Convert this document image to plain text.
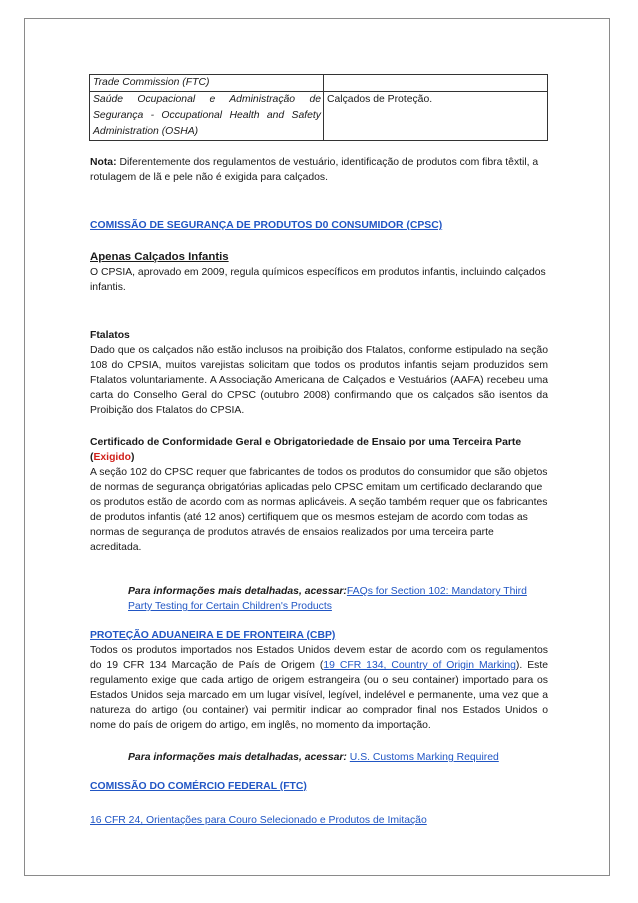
Trade Commission (FTC)	
Saúde Ocupacional e Administração de Segurança - Occupational Health and Safety Administration (OSHA)	Calçados de Proteção.

Nota: Diferentemente dos regulamentos de vestuário, identificação de produtos com fibra têxtil, a rotulagem de lã e pele não é exigida para calçados.

COMISSÃO DE SEGURANÇA DE PRODUTOS D0 CONSUMIDOR (CPSC)

Apenas Calçados Infantis

O CPSIA, aprovado em 2009, regula químicos específicos em produtos infantis, incluindo calçados infantis.

Ftalatos

Dado que os calçados não estão inclusos na proibição dos Ftalatos, conforme estipulado na seção 108 do CPSIA, muitos varejistas solicitam que todos os produtos infantis sejam produzidos sem Ftalatos voluntariamente. A Associação Americana de Calçados e Vestuários (AAFA) recebeu uma carta do Conselho Geral do CPSC (outubro 2008) confirmando que os calçados são isentos da Proibição dos Ftalatos do CPSIA.

Certificado de Conformidade Geral e Obrigatoriedade de Ensaio por uma Terceira Parte

(Exigido)

A seção 102 do CPSC requer que fabricantes de todos os produtos do consumidor que são objetos de normas de segurança obrigatórias aplicadas pelo CPSC emitam um certificado declarando que os produtos estão de acordo com as normas aplicáveis. A seção também requer que os fabricantes de produtos infantis (até 12 anos) certifiquem que os mesmos estejam de acordo com todas as normas de segurança de produtos através de ensaios realizados por uma terceira parte acreditada.

Para informações mais detalhadas, acessar:FAQs for Section 102: Mandatory Third Party Testing for Certain Children's Products

PROTEÇÃO ADUANEIRA E DE FRONTEIRA (CBP)

Todos os produtos importados nos Estados Unidos devem estar de acordo com os regulamentos do 19 CFR 134 Marcação de País de Origem (19 CFR 134, Country of Origin Marking). Este regulamento exige que cada artigo de origem estrangeira (ou o seu container) importado para os Estados Unidos seja marcado em um lugar visível, legível, indelével e permanente, uma vez que a natureza do artigo (ou container) vai permitir indicar ao comprador final nos Estados Unidos o nome do país de origem do artigo, em inglês, no momento da importação.

Para informações mais detalhadas, acessar: U.S. Customs Marking Required

COMISSÃO DO COMÉRCIO FEDERAL (FTC)

16 CFR 24, Orientações para Couro Selecionado e Produtos de Imitação
